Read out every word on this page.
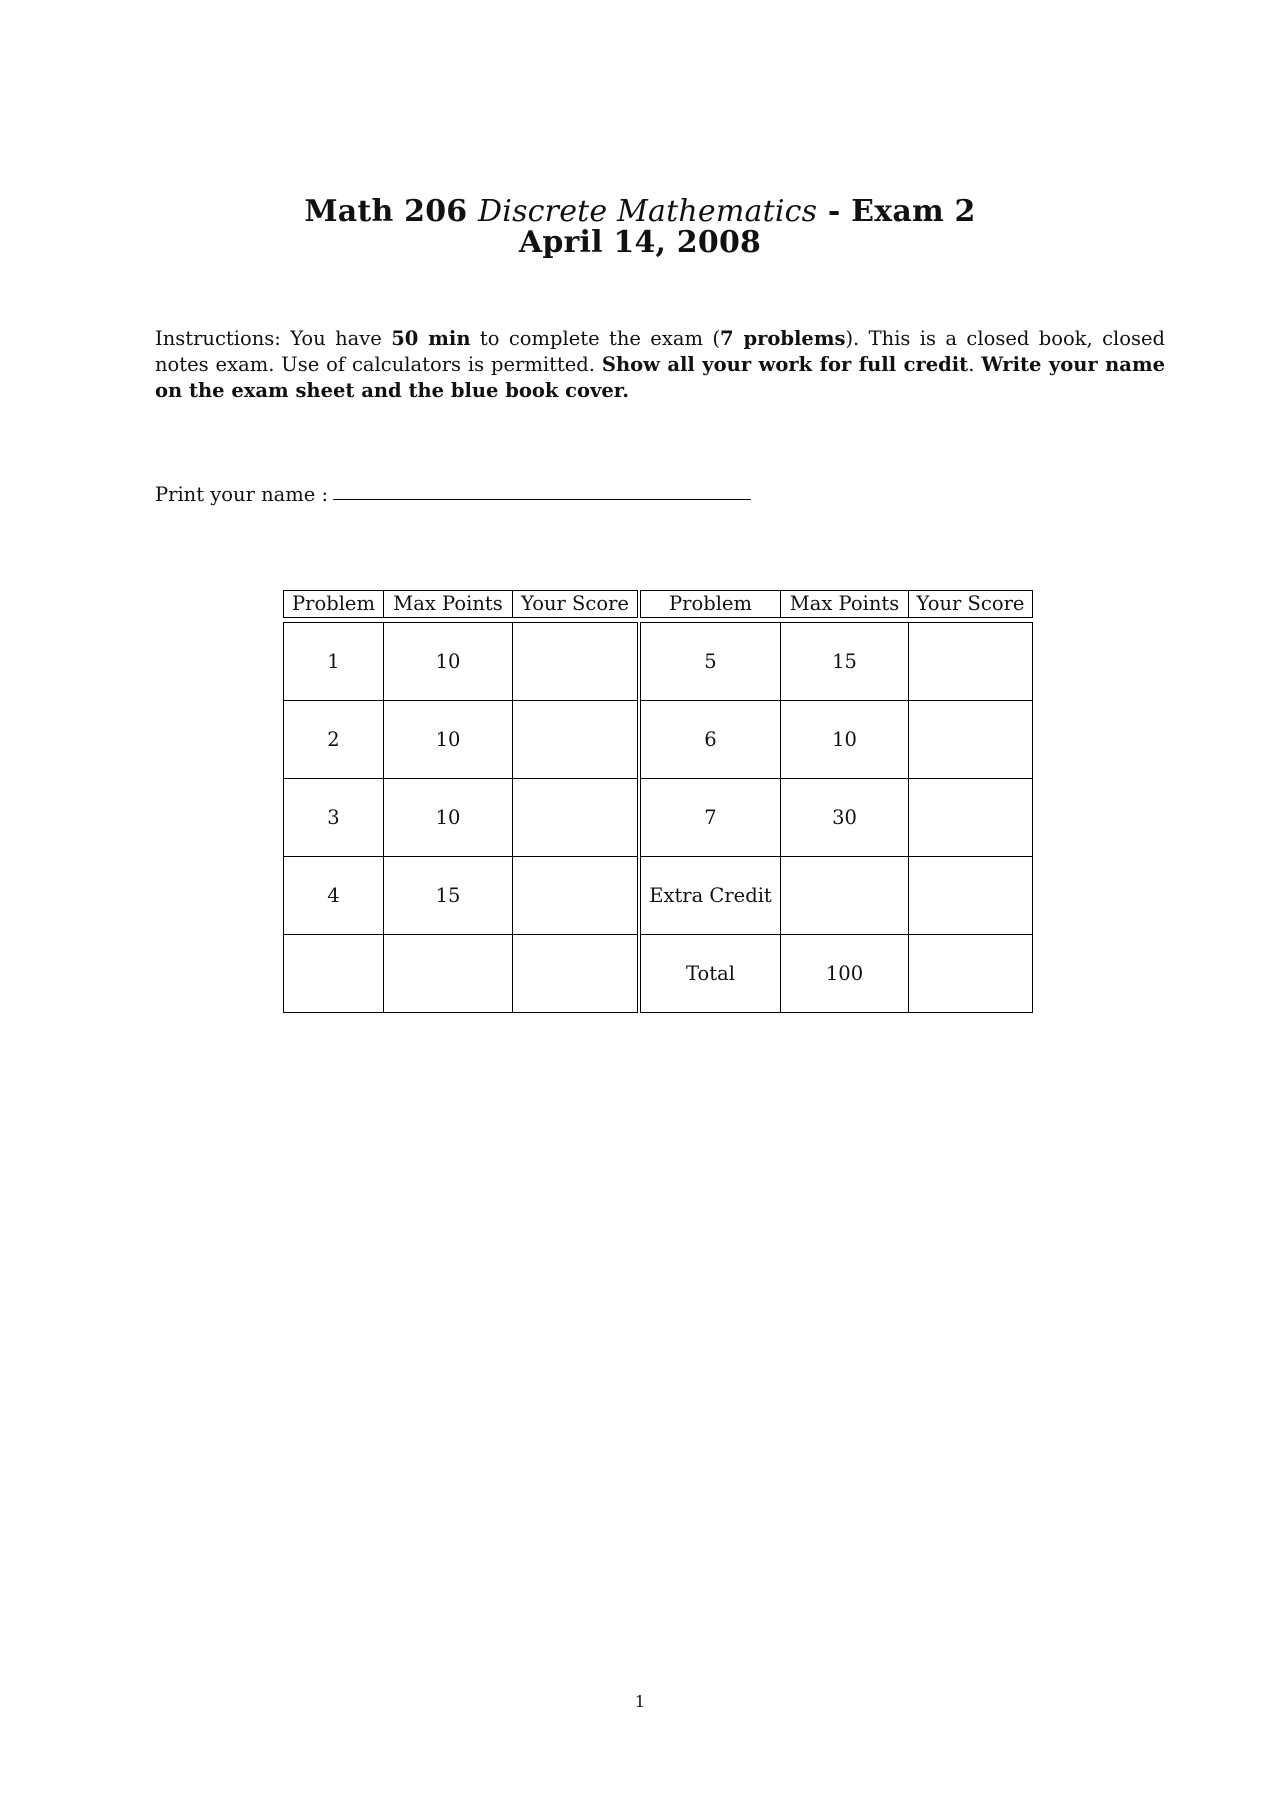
Math 206 Discrete Mathematics - Exam 2
April 14, 2008
Instructions: You have 50 min to complete the exam (7 problems). This is a closed book, closed notes exam. Use of calculators is permitted. Show all your work for full credit. Write your name on the exam sheet and the blue book cover.
Print your name :
Problem	Max Points	Your Score	Problem	Max Points	Your Score

1	10		5	15	
2	10		6	10	
3	10		7	30	
4	15		Extra Credit		
			Total	100	
1
